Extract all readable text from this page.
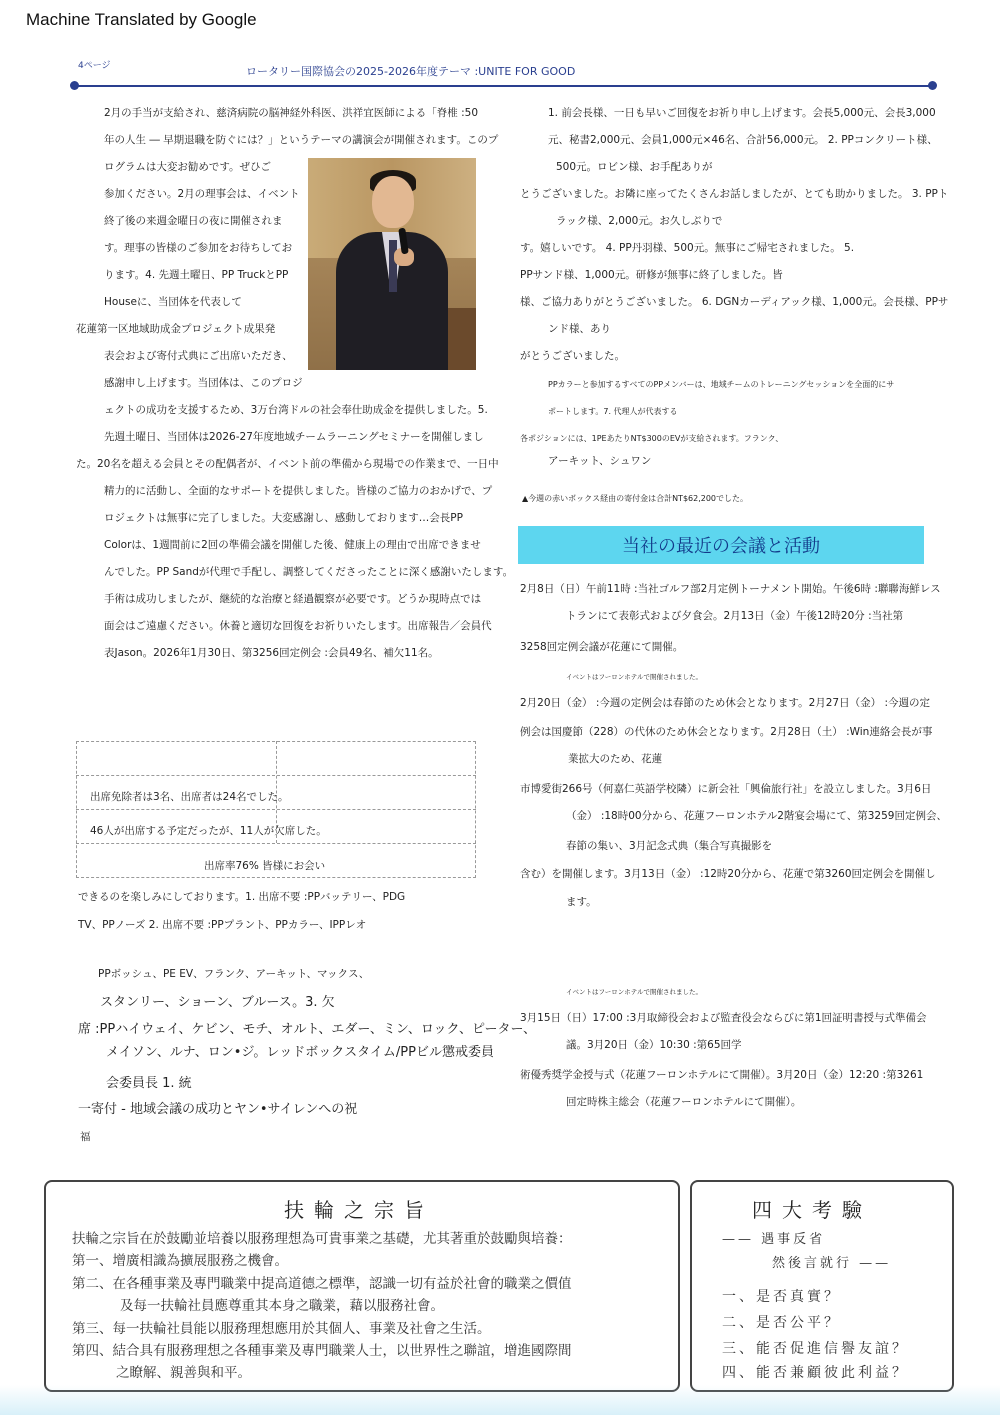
Machine Translated by Google
4ページ	ロータリー国際協会の2025-2026年度テーマ :UNITE FOR GOOD
2月の手当が支給され、慈済病院の脳神経外科医、洪祥宜医師による「脊椎 :50
年の人生 ― 早期退職を防ぐには？」というテーマの講演会が開催されます。このプ
ログラムは大変お勧めです。ぜひご
参加ください。2月の理事会は、イベント
終了後の来週金曜日の夜に開催されま
す。理事の皆様のご参加をお待ちしてお
ります。4. 先週土曜日、PP TruckとPP
Houseに、当団体を代表して
花蓮第一区地域助成金プロジェクト成果発
表会および寄付式典にご出席いただき、
感謝申し上げます。当団体は、このプロジ
ェクトの成功を支援するため、3万台湾ドルの社会奉仕助成金を提供しました。5.
先週土曜日、当団体は2026-27年度地域チームラーニングセミナーを開催しまし
た。20名を超える会員とその配偶者が、イベント前の準備から現場での作業まで、一日中
精力的に活動し、全面的なサポートを提供しました。皆様のご協力のおかげで、プ
ロジェクトは無事に完了しました。大変感謝し、感動しております…会長PP
Colorは、1週間前に2回の準備会議を開催した後、健康上の理由で出席できませ
んでした。PP Sandが代理で手配し、調整してくださったことに深く感謝いたします。
手術は成功しましたが、継続的な治療と経過観察が必要です。どうか現時点では
面会はご遠慮ください。休養と適切な回復をお祈りいたします。出席報告／会員代
表Jason。2026年1月30日、第3256回定例会 :会員49名、補欠11名。
出席免除者は3名、出席者は24名でした。
46人が出席する予定だったが、11人が欠席した。
出席率76% 皆様にお会い
できるのを楽しみにしております。1. 出席不要 :PPバッテリー、PDG
TV、PPノーズ 2. 出席不要 :PPプラント、PPカラー、IPPレオ
PPボッシュ、PE EV、フランク、アーキット、マックス、
スタンリー、ショーン、ブルース。3. 欠
席 :PPハイウェイ、ケビン、モチ、オルト、エダー、ミン、ロック、ピーター、
メイソン、ルナ、ロン•ジ。レッドボックスタイム/PPビル懲戒委員
会委員長 1. 統
一寄付 - 地域会議の成功とヤン•サイレンへの祝
福
1. 前会長様、一日も早いご回復をお祈り申し上げます。会長5,000元、会長3,000
元、秘書2,000元、会員1,000元×46名、合計56,000元。 2. PPコンクリート様、
500元。ロビン様、お手配ありが
とうございました。お隣に座ってたくさんお話しましたが、とても助かりました。 3. PPト
ラック様、2,000元。お久しぶりで
す。嬉しいです。 4. PP丹羽様、500元。無事にご帰宅されました。 5.
PPサンド様、1,000元。研修が無事に終了しました。皆
様、ご協力ありがとうございました。 6. DGNカーディアック様、1,000元。会長様、PPサ
ンド様、あり
がとうございました。
PPカラーと参加するすべてのPPメンバーは、地域チームのトレーニングセッションを全面的にサ
ポートします。7. 代理人が代表する
各ポジションには、1PEあたりNT$300のEVが支給されます。フランク、
アーキット、シュワン
▲今週の赤いボックス経由の寄付金は合計NT$62,200でした。
当社の最近の会議と活動
2月8日（日）午前11時 :当社ゴルフ部2月定例トーナメント開始。午後6時 :聯聯海鮮レス
トランにて表彰式および夕食会。2月13日（金）午後12時20分 :当社第
3258回定例会議が花蓮にて開催。
イベントはフーロンホテルで開催されました。
2月20日（金） :今週の定例会は春節のため休会となります。2月27日（金） :今週の定
例会は国慶節（228）の代休のため休会となります。2月28日（土） :Win連絡会長が事
業拡大のため、花蓮
市博愛街266号（何嘉仁英語学校隣）に新会社「興倫旅行社」を設立しました。3月6日
（金） :18時00分から、花蓮フーロンホテル2階宴会場にて、第3259回定例会、
春節の集い、3月記念式典（集合写真撮影を
含む）を開催します。3月13日（金） :12時20分から、花蓮で第3260回定例会を開催し
ます。
イベントはフーロンホテルで開催されました。
3月15日（日）17:00 :3月取締役会および監査役会ならびに第1回証明書授与式準備会
議。3月20日（金）10:30 :第65回学
術優秀奨学金授与式（花蓮フーロンホテルにて開催）。3月20日（金）12:20 :第3261
回定時株主総会（花蓮フーロンホテルにて開催）。
扶輪之宗旨
扶輪之宗旨在於鼓勵並培養以服務理想為可貴事業之基礎，尤其著重於鼓勵與培養：
第一、增廣相識為擴展服務之機會。
第二、在各種事業及專門職業中提高道德之標準，認識一切有益於社會的職業之價值
及每一扶輪社員應尊重其本身之職業，藉以服務社會。
第三、每一扶輪社員能以服務理想應用於其個人、事業及社會之生活。
第四、結合具有服務理想之各種事業及專門職業人士，以世界性之聯誼，增進國際間
之瞭解、親善與和平。
四大考驗
—— 遇事反省
然後言就行 ——
一、是否真實？
二、是否公平？
三、能否促進信譽友誼？
四、能否兼顧彼此利益？
